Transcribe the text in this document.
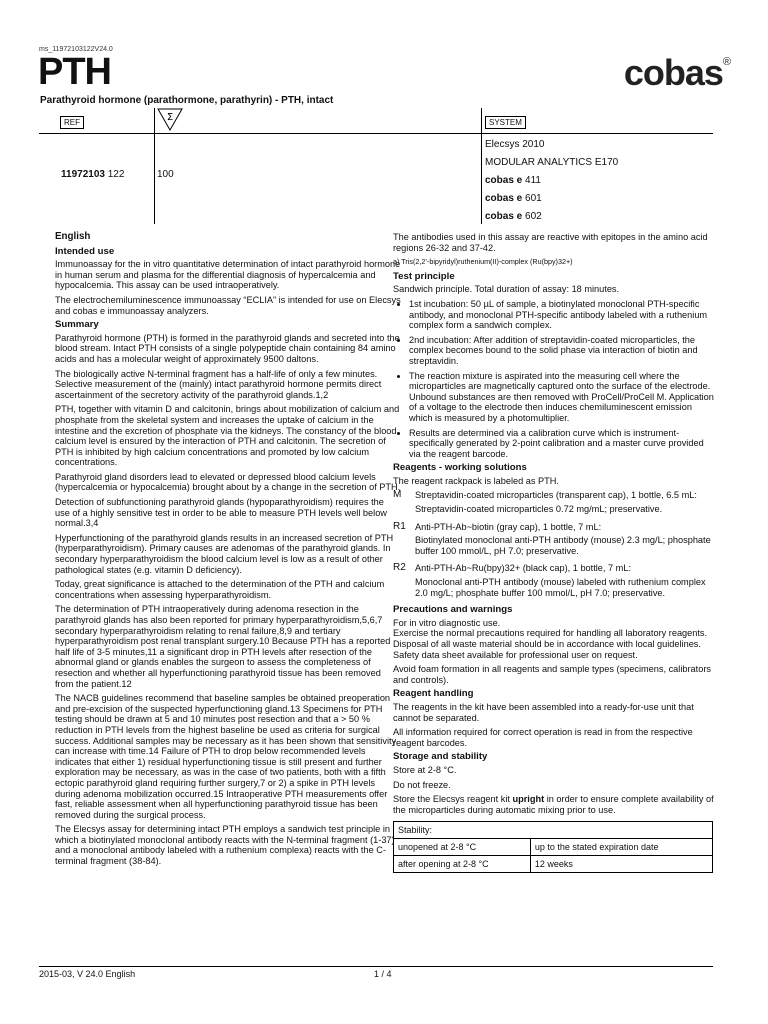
ms_11972103122V24.0
PTH
Parathyroid hormone (parathormone, parathyrin) - PTH, intact
cobas®
REF	Σ	SYSTEM
11972103 122	100
Elecsys 2010
MODULAR ANALYTICS E170
cobas e 411
cobas e 601
cobas e 602
English
Intended use

Immunoassay for the in vitro quantitative determination of intact parathyroid hormone in human serum and plasma for the differential diagnosis of hypercalcemia and hypocalcemia. This assay can be used intraoperatively.

The electrochemiluminescence immunoassay “ECLIA” is intended for use on Elecsys and cobas e immunoassay analyzers.

Summary

Parathyroid hormone (PTH) is formed in the parathyroid glands and secreted into the blood stream. Intact PTH consists of a single polypeptide chain containing 84 amino acids and has a molecular weight of approximately 9500 daltons.

The biologically active N-terminal fragment has a half-life of only a few minutes. Selective measurement of the (mainly) intact parathyroid hormone permits direct ascertainment of the secretory activity of the parathyroid glands.1,2

PTH, together with vitamin D and calcitonin, brings about mobilization of calcium and phosphate from the skeletal system and increases the uptake of calcium in the intestine and the excretion of phosphate via the kidneys. The constancy of the blood calcium level is ensured by the interaction of PTH and calcitonin. The secretion of PTH is inhibited by high calcium concentrations and promoted by low calcium concentrations.

Parathyroid gland disorders lead to elevated or depressed blood calcium levels (hypercalcemia or hypocalcemia) brought about by a change in the secretion of PTH.

Detection of subfunctioning parathyroid glands (hypoparathyroidism) requires the use of a highly sensitive test in order to be able to measure PTH levels well below normal.3,4

Hyperfunctioning of the parathyroid glands results in an increased secretion of PTH (hyperparathyroidism). Primary causes are adenomas of the parathyroid glands. In secondary hyperparathyroidism the blood calcium level is low as a result of other pathological states (e.g. vitamin D deficiency).

Today, great significance is attached to the determination of the PTH and calcium concentrations when assessing hyperparathyroidism.

The determination of PTH intraoperatively during adenoma resection in the parathyroid glands has also been reported for primary hyperparathyroidism,5,6,7 secondary hyperparathyroidism relating to renal failure,8,9 and tertiary hyperparathyroidism post renal transplant surgery.10 Because PTH has a reported half life of 3-5 minutes,11 a significant drop in PTH levels after resection of the abnormal gland or glands enables the surgeon to assess the completeness of resection and whether all hyperfunctioning parathyroid tissue has been removed from the patient.12

The NACB guidelines recommend that baseline samples be obtained preoperation and pre-excision of the suspected hyperfunctioning gland.13 Specimens for PTH testing should be drawn at 5 and 10 minutes post resection and that a > 50 % reduction in PTH levels from the highest baseline be used as criteria for surgical success. Additional samples may be necessary as it has been shown that sensitivity can increase with time.14 Failure of PTH to drop below recommended levels indicates that either 1) residual hyperfunctioning tissue is still present and further exploration may be necessary, as was in the case of two patients, both with a fifth ectopic parathyroid gland requiring further surgery,7 or 2) a spike in PTH levels during adenoma mobilization occurred.15 Intraoperative PTH measurements offer fast, reliable assessment when all hyperfunctioning parathyroid tissue has been removed during the surgical process.

The Elecsys assay for determining intact PTH employs a sandwich test principle in which a biotinylated monoclonal antibody reacts with the N-terminal fragment (1-37) and a monoclonal antibody labeled with a ruthenium complexa) reacts with the C-terminal fragment (38-84).

The antibodies used in this assay are reactive with epitopes in the amino acid regions 26-32 and 37-42.

a) Tris(2,2’-bipyridyl)ruthenium(II)-complex (Ru(bpy)32+)

Test principle

Sandwich principle. Total duration of assay: 18 minutes.

• 1st incubation: 50 µL of sample, a biotinylated monoclonal PTH-specific antibody, and monoclonal PTH-specific antibody labeled with a ruthenium complex form a sandwich complex.
• 2nd incubation: After addition of streptavidin-coated microparticles, the complex becomes bound to the solid phase via interaction of biotin and streptavidin.
• The reaction mixture is aspirated into the measuring cell where the microparticles are magnetically captured onto the surface of the electrode. Unbound substances are then removed with ProCell/ProCell M. Application of a voltage to the electrode then induces chemiluminescent emission which is measured by a photomultiplier.
• Results are determined via a calibration curve which is instrument-specifically generated by 2-point calibration and a master curve provided via the reagent barcode.
Reagents - working solutions

The reagent rackpack is labeled as PTH.

M	Streptavidin-coated microparticles (transparent cap), 1 bottle, 6.5 mL:

Streptavidin-coated microparticles 0.72 mg/mL; preservative.

R1	Anti-PTH-Ab~biotin (gray cap), 1 bottle, 7 mL:

Biotinylated monoclonal anti-PTH antibody (mouse) 2.3 mg/L; phosphate buffer 100 mmol/L, pH 7.0; preservative.

R2	Anti-PTH-Ab~Ru(bpy)32+ (black cap), 1 bottle, 7 mL:

Monoclonal anti-PTH antibody (mouse) labeled with ruthenium complex 2.0 mg/L; phosphate buffer 100 mmol/L, pH 7.0; preservative.

Precautions and warnings

For in vitro diagnostic use.

Exercise the normal precautions required for handling all laboratory reagents.

Disposal of all waste material should be in accordance with local guidelines.

Safety data sheet available for professional user on request.

Avoid foam formation in all reagents and sample types (specimens, calibrators and controls).

Reagent handling

The reagents in the kit have been assembled into a ready-for-use unit that cannot be separated.

All information required for correct operation is read in from the respective reagent barcodes.

Storage and stability

Store at 2-8 °C.

Do not freeze.

Store the Elecsys reagent kit upright in order to ensure complete availability of the microparticles during automatic mixing prior to use.

Stability:	
unopened at 2-8 °C	up to the stated expiration date
after opening at 2-8 °C	12 weeks
2015-03, V 24.0 English	1 / 4
